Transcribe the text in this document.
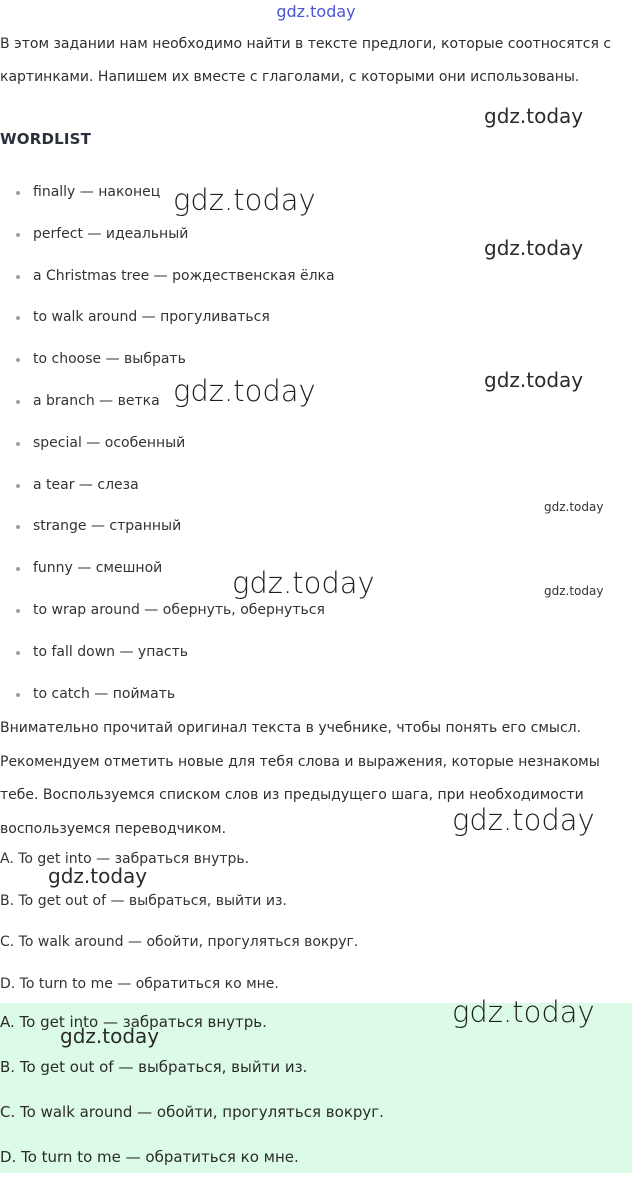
gdz.today
В этом задании нам необходимо найти в тексте предлоги, которые соотносятся с картинками. Напишем их вместе с глаголами, с которыми они использованы.
WORDLIST
finally — наконец
perfect — идеальный
a Christmas tree — рождественская ёлка
to walk around — прогуливаться
to choose — выбрать
a branch — ветка
special — особенный
a tear — слеза
strange — странный
funny — смешной
to wrap around — обернуть, обернуться
to fall down — упасть
to catch — поймать
Внимательно прочитай оригинал текста в учебнике, чтобы понять его смысл. Рекомендуем отметить новые для тебя слова и выражения, которые незнакомы тебе. Воспользуемся списком слов из предыдущего шага, при необходимости воспользуемся переводчиком.
A. To get into — забраться внутрь.
B. To get out of — выбраться, выйти из.
C. To walk around — обойти, прогуляться вокруг.
D. To turn to me — обратиться ко мне.
A. To get into — забраться внутрь.
B. To get out of — выбраться, выйти из.
C. To walk around — обойти, прогуляться вокруг.
D. To turn to me — обратиться ко мне.
gdz.today
gdz.today
gdz.today
gdz.today	gdz.today
gdz.today
gdz.today	gdz.today
gdz.today
gdz.today
gdz.today
gdz.today
